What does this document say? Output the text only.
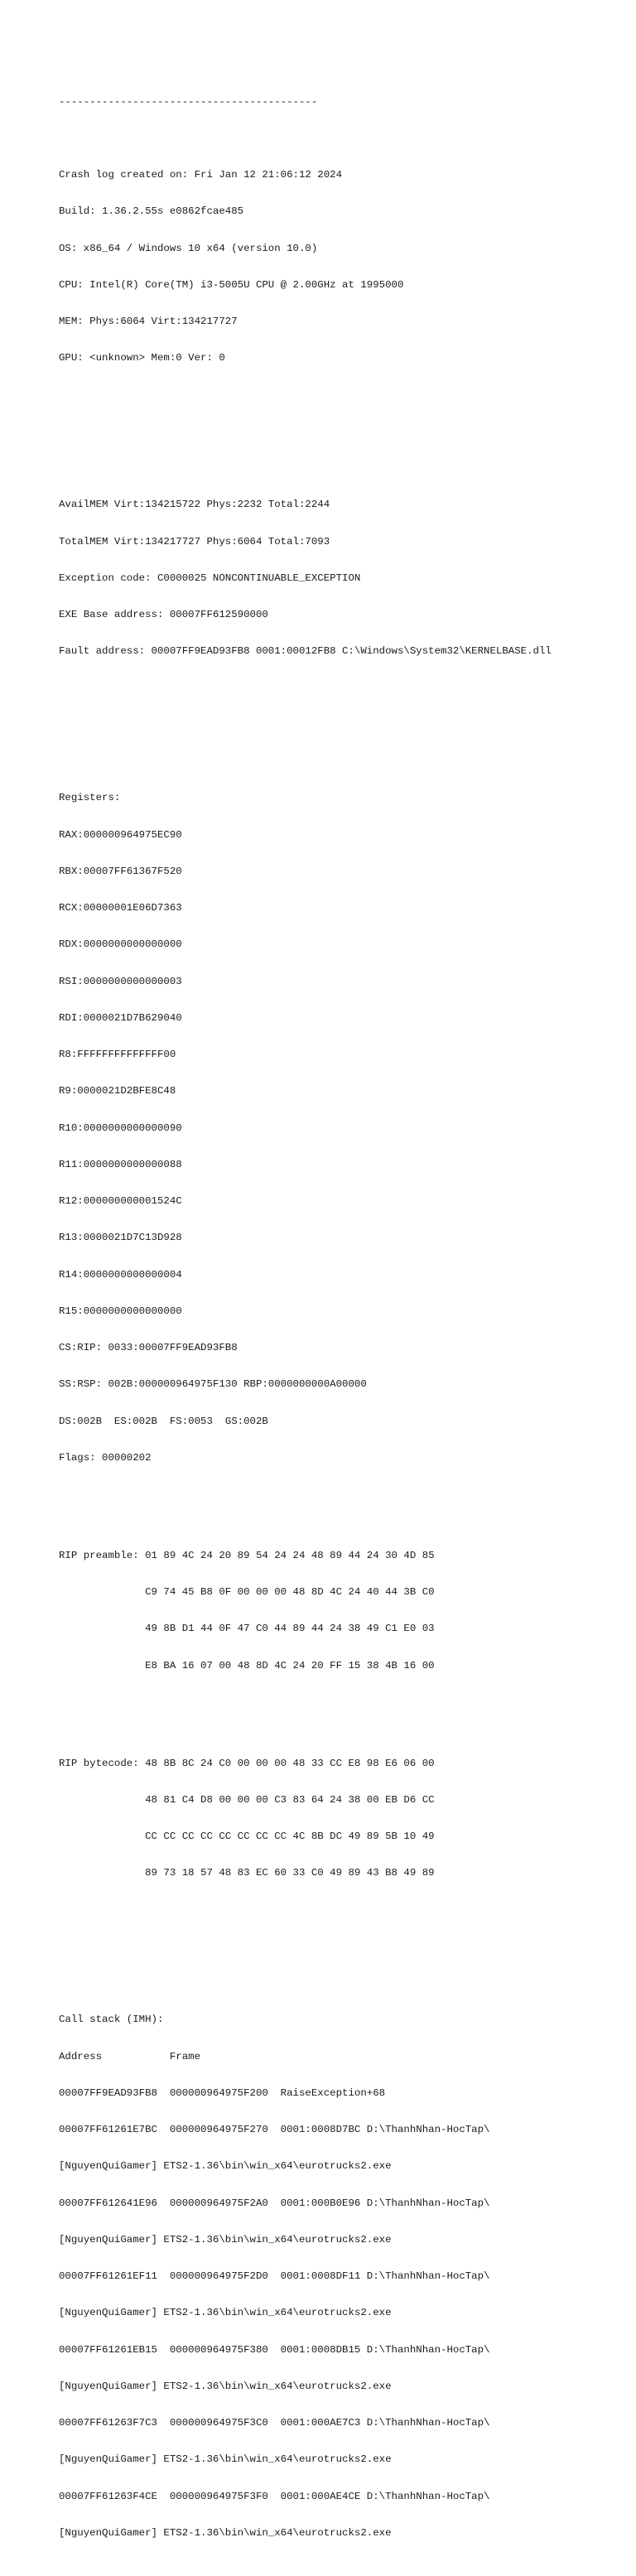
------------------------------------------

Crash log created on: Fri Jan 12 21:06:12 2024

Build: 1.36.2.55s e0862fcae485

OS: x86_64 / Windows 10 x64 (version 10.0)

CPU: Intel(R) Core(TM) i3-5005U CPU @ 2.00GHz at 1995000

MEM: Phys:6064 Virt:134217727

GPU: <unknown> Mem:0 Ver: 0

AvailMEM Virt:134215722 Phys:2232 Total:2244

TotalMEM Virt:134217727 Phys:6064 Total:7093

Exception code: C0000025 NONCONTINUABLE_EXCEPTION

EXE Base address: 00007FF612590000

Fault address: 00007FF9EAD93FB8 0001:00012FB8 C:\Windows\System32\KERNELBASE.dll

Registers:

RAX:000000964975EC90

RBX:00007FF61367F520

RCX:00000001E06D7363

RDX:0000000000000000

RSI:0000000000000003

RDI:0000021D7B629040

R8:FFFFFFFFFFFFFF00

R9:0000021D2BFE8C48

R10:0000000000000090

R11:0000000000000088

R12:000000000001524C

R13:0000021D7C13D928

R14:0000000000000004

R15:0000000000000000

CS:RIP: 0033:00007FF9EAD93FB8

SS:RSP: 002B:000000964975F130 RBP:0000000000A00000

DS:002B  ES:002B  FS:0053  GS:002B

Flags: 00000202

RIP preamble: 01 89 4C 24 20 89 54 24 24 48 89 44 24 30 4D 85

C9 74 45 B8 0F 00 00 00 48 8D 4C 24 40 44 3B C0

49 8B D1 44 0F 47 C0 44 89 44 24 38 49 C1 E0 03

E8 BA 16 07 00 48 8D 4C 24 20 FF 15 38 4B 16 00

RIP bytecode: 48 8B 8C 24 C0 00 00 00 48 33 CC E8 98 E6 06 00

48 81 C4 D8 00 00 00 C3 83 64 24 38 00 EB D6 CC

CC CC CC CC CC CC CC CC 4C 8B DC 49 89 5B 10 49

89 73 18 57 48 83 EC 60 33 C0 49 89 43 B8 49 89

Call stack (IMH):

Address           Frame

00007FF9EAD93FB8  000000964975F200  RaiseException+68

00007FF61261E7BC  000000964975F270  0001:0008D7BC D:\ThanhNhan-HocTap\

[NguyenQuiGamer] ETS2-1.36\bin\win_x64\eurotrucks2.exe

00007FF612641E96  000000964975F2A0  0001:000B0E96 D:\ThanhNhan-HocTap\

[NguyenQuiGamer] ETS2-1.36\bin\win_x64\eurotrucks2.exe

00007FF61261EF11  000000964975F2D0  0001:0008DF11 D:\ThanhNhan-HocTap\

[NguyenQuiGamer] ETS2-1.36\bin\win_x64\eurotrucks2.exe

00007FF61261EB15  000000964975F380  0001:0008DB15 D:\ThanhNhan-HocTap\

[NguyenQuiGamer] ETS2-1.36\bin\win_x64\eurotrucks2.exe

00007FF61263F7C3  000000964975F3C0  0001:000AE7C3 D:\ThanhNhan-HocTap\

[NguyenQuiGamer] ETS2-1.36\bin\win_x64\eurotrucks2.exe

00007FF61263F4CE  000000964975F3F0  0001:000AE4CE D:\ThanhNhan-HocTap\

[NguyenQuiGamer] ETS2-1.36\bin\win_x64\eurotrucks2.exe
